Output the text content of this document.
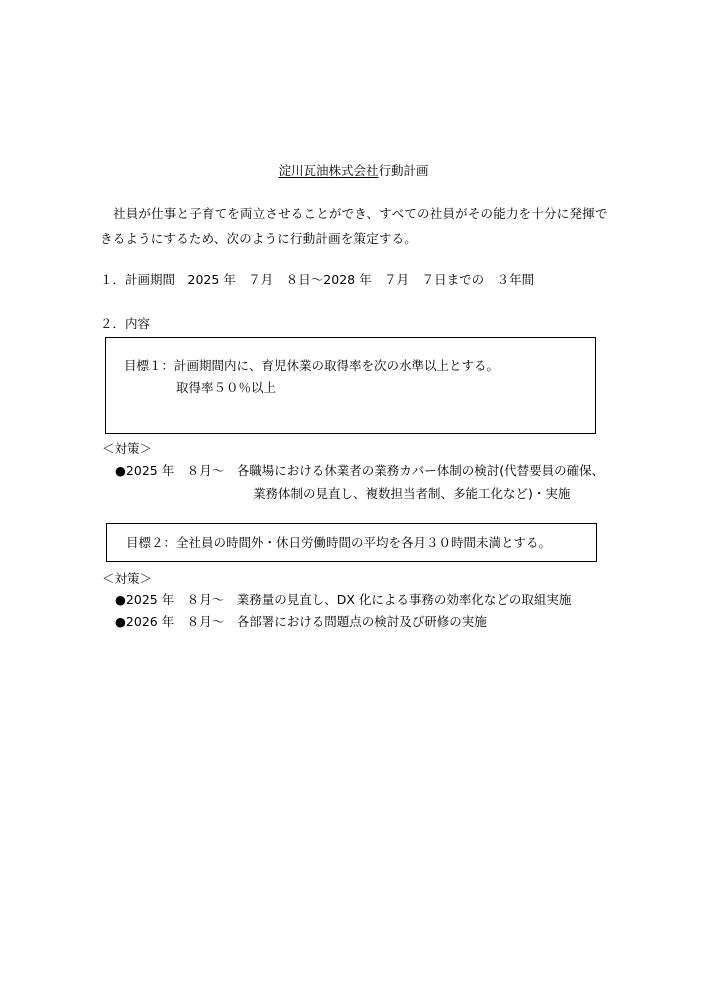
淀川瓦油株式会社行動計画
社員が仕事と子育てを両立させることができ、すべての社員がその能力を十分に発揮で
きるようにするため、次のように行動計画を策定する。
１．計画期間　2025 年　７月　８日～2028 年　７月　７日までの　３年間
２．内容
目標１：計画期間内に、育児休業の取得率を次の水準以上とする。
取得率５０％以上
＜対策＞
●2025 年　８月～　各職場における休業者の業務カバー体制の検討(代替要員の確保、
業務体制の見直し、複数担当者制、多能工化など)・実施
目標２：全社員の時間外・休日労働時間の平均を各月３０時間未満とする。
＜対策＞
●2025 年　８月～　業務量の見直し、DX 化による事務の効率化などの取組実施
●2026 年　８月～　各部署における問題点の検討及び研修の実施
